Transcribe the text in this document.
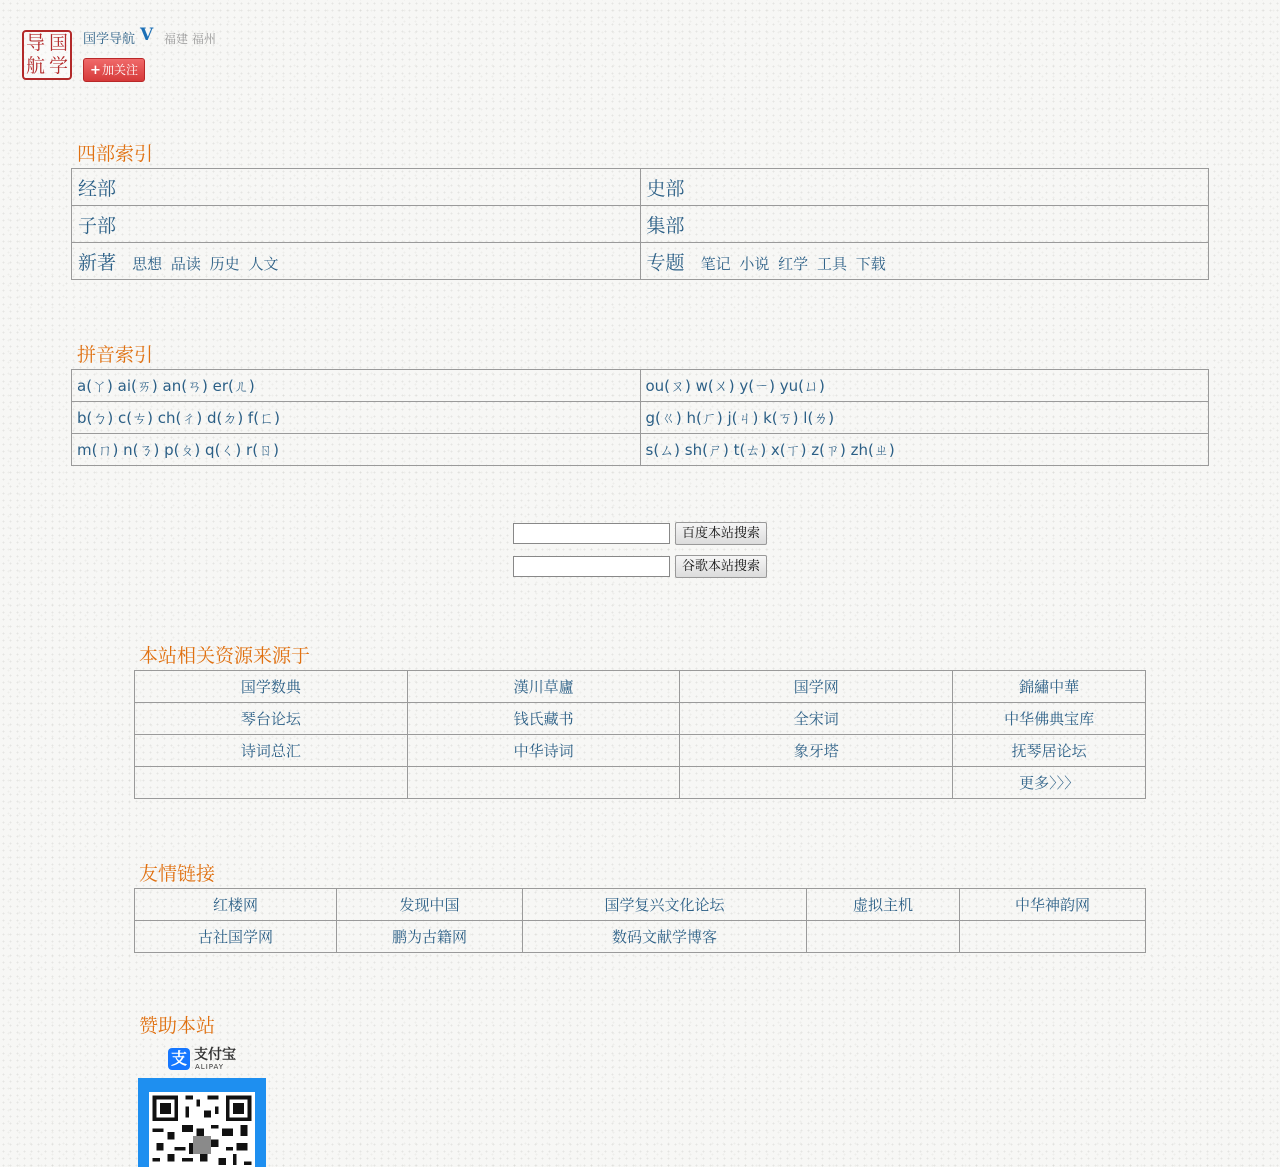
导 国
航 学
国学导航 V 福建 福州
+加关注
四部索引
经部	史部
子部	集部
新著 思想 品读 历史 人文	专题 笔记 小说 红学 工具 下载
拼音索引
a(ㄚ) ai(ㄞ) an(ㄢ) er(ㄦ)	ou(ㄡ) w(ㄨ) y(ㄧ) yu(ㄩ)
b(ㄅ) c(ㄘ) ch(ㄔ) d(ㄉ) f(ㄈ)	g(ㄍ) h(ㄏ) j(ㄐ) k(ㄎ) l(ㄌ)
m(ㄇ) n(ㄋ) p(ㄆ) q(ㄑ) r(ㄖ)	s(ㄙ) sh(ㄕ) t(ㄊ) x(ㄒ) z(ㄗ) zh(ㄓ)
百度本站搜索
谷歌本站搜索
本站相关资源来源于
国学数典	漢川草廬	国学网	錦繡中華
琴台论坛	钱氏藏书	全宋词	中华佛典宝库
诗词总汇	中华诗词	象牙塔	抚琴居论坛
			更多〉〉〉
友情链接
红楼网	发现中国	国学复兴文化论坛	虚拟主机	中华神韵网
古社国学网	鹏为古籍网	数码文献学博客		
赞助本站
支 支付宝
ALIPAY
